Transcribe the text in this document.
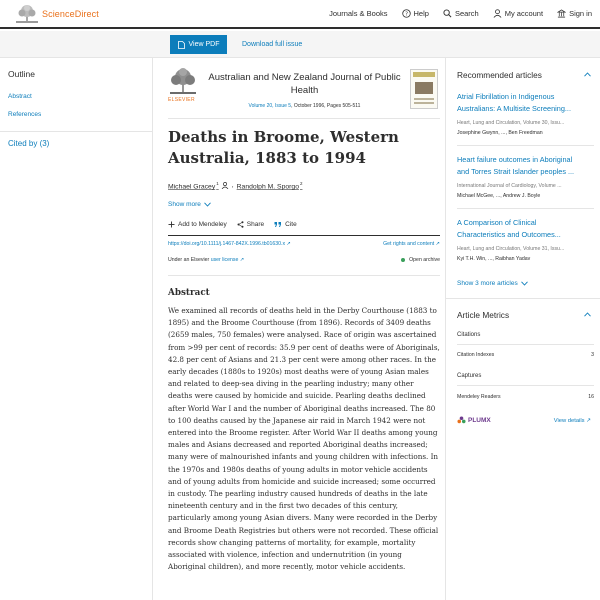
ScienceDirect	Journals & Books	? Help	Search	My account	Sign in
View PDF	Download full issue
Outline
Abstract
References
Cited by (3)
ELSEVIER
Australian and New Zealand Journal of Public Health
Volume 20, Issue 5, October 1996, Pages 505-511
Deaths in Broome, Western Australia, 1883 to 1994
Michael Gracey$^1$ , Randolph M. Sporgo$^2$
Show more
Add to Mendeley	Share	Cite
https://doi.org/10.1111/j.1467-842X.1996.tb01630.x ↗	Get rights and content ↗
Under an Elsevier user license ↗	Open archive
Abstract

We examined all records of deaths held in the Derby Courthouse (1883 to 1895) and the Broome Courthouse (from 1896). Records of 3409 deaths (2659 males, 750 females) were analysed. Race of origin was ascertained from >99 per cent of records: 35.9 per cent of deaths were of Aboriginals, 42.8 per cent of Asians and 21.3 per cent were among other races. In the early decades (1880s to 1920s) most deaths were of young Asian males and related to deep-sea diving in the pearling industry; many other deaths were caused by homicide and suicide. Pearling deaths declined after World War I and the number of Aboriginal deaths increased. The 80 to 100 deaths caused by the Japanese air raid in March 1942 were not entered into the Broome register. After World War II deaths among young males and Asians decreased and reported Aboriginal deaths increased; many were of malnourished infants and young children with infections. In the 1970s and 1980s deaths of young adults in motor vehicle accidents and of young adults from homicide and suicide increased; some occurred in custody. The pearling industry caused hundreds of deaths in the late nineteenth century and in the first two decades of this century, particularly among young Asian divers. Many were recorded in the Derby and Broome Death Registries but others were not recorded. These official records show changing patterns of mortality, for example, mortality associated with violence, infection and undernutrition (in young Aboriginal children), and more recently, motor vehicle accidents.

Recommended articles
Atrial Fibrillation in Indigenous
Australians: A Multisite Screening...
Heart, Lung and Circulation, Volume 30, Issu...
Josephine Gwynn, ..., Ben Freedman
Heart failure outcomes in Aboriginal
and Torres Strait Islander peoples ...
International Journal of Cardiology, Volume ...
Michael McGee, ..., Andrew J. Boyle
A Comparison of Clinical
Characteristics and Outcomes...
Heart, Lung and Circulation, Volume 31, Issu...
Kyi T.H. Win, ..., Raibhan Yadav
Show 3 more articles
Article Metrics
Citations
Citation Indexes	3
Captures
Mendeley Readers	16
PLUMX	View details ↗
